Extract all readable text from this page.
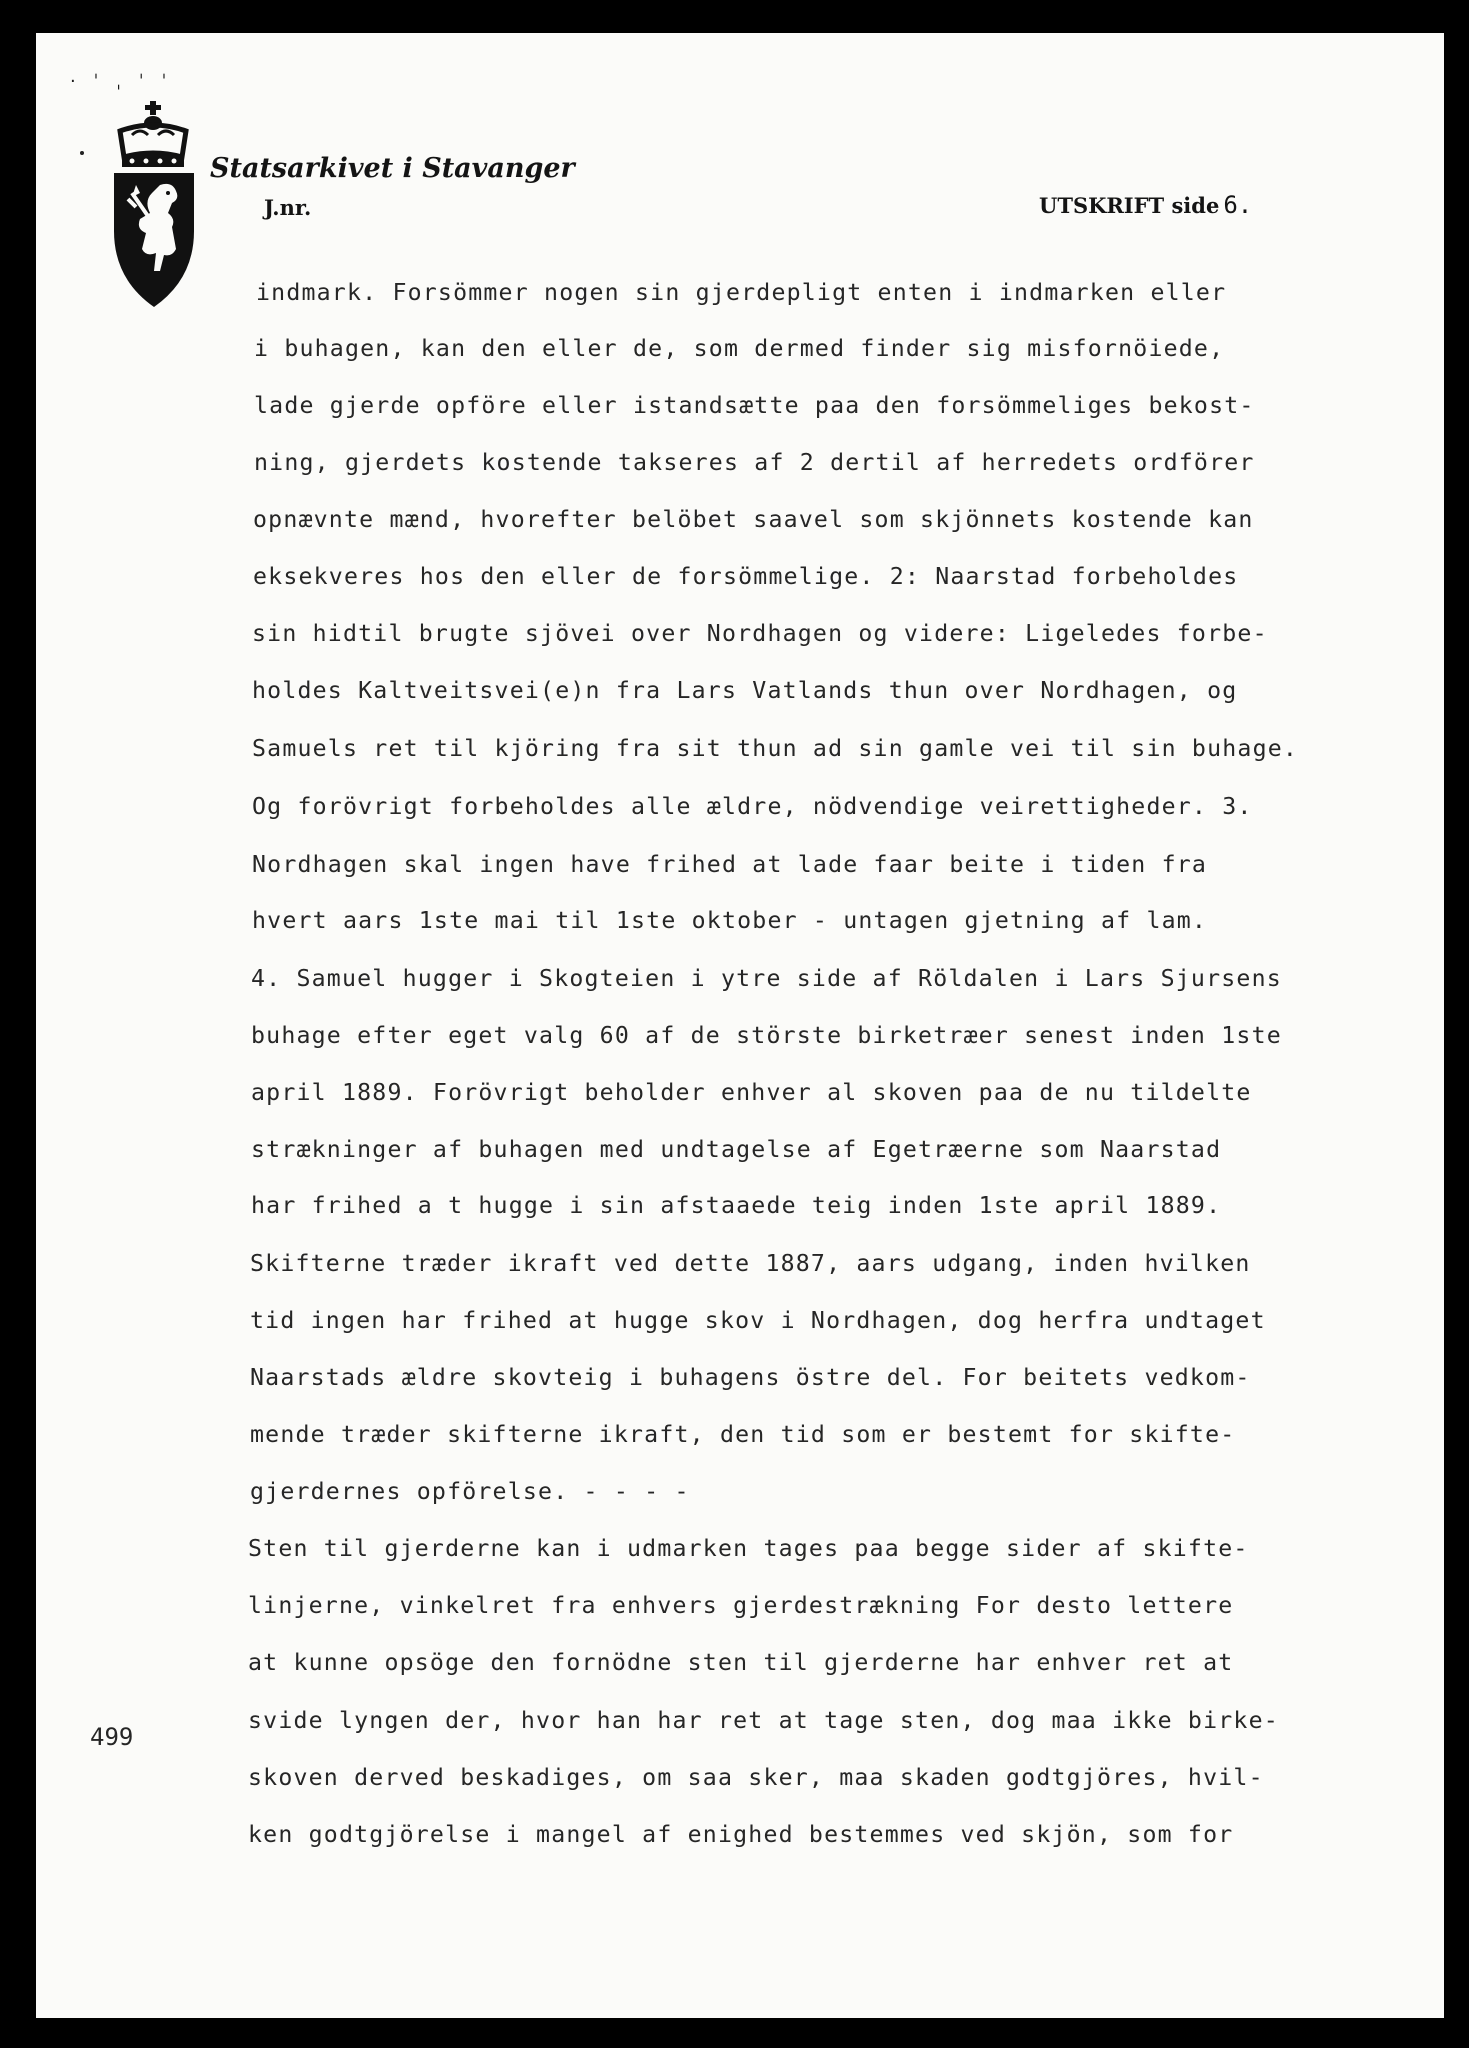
· ˈ ˌ ˈ ˈ
Statsarkivet i Stavanger
J.nr.	UTSKRIFT side 6.
499
indmark. Forsömmer nogen sin gjerdepligt enten i indmarken eller
i buhagen, kan den eller de, som dermed finder sig misfornöiede,
lade gjerde opföre eller istandsætte paa den forsömmeliges bekost-
ning, gjerdets kostende takseres af 2 dertil af herredets ordförer
opnævnte mænd, hvorefter belöbet saavel som skjönnets kostende kan
eksekveres hos den eller de forsömmelige. 2: Naarstad forbeholdes
sin hidtil brugte sjövei over Nordhagen og videre: Ligeledes forbe-
holdes Kaltveitsvei(e)n fra Lars Vatlands thun over Nordhagen, og
Samuels ret til kjöring fra sit thun ad sin gamle vei til sin buhage.
Og forövrigt forbeholdes alle ældre, nödvendige veirettigheder. 3.
Nordhagen skal ingen have frihed at lade faar beite i tiden fra
hvert aars 1ste mai til 1ste oktober - untagen gjetning af lam.
4. Samuel hugger i Skogteien i ytre side af Röldalen i Lars Sjursens
buhage efter eget valg 60 af de störste birketræer senest inden 1ste
april 1889. Forövrigt beholder enhver al skoven paa de nu tildelte
strækninger af buhagen med undtagelse af Egetræerne som Naarstad
har frihed a t hugge i sin afstaaede teig inden 1ste april 1889.
Skifterne træder ikraft ved dette 1887, aars udgang, inden hvilken
tid ingen har frihed at hugge skov i Nordhagen, dog herfra undtaget
Naarstads ældre skovteig i buhagens östre del. For beitets vedkom-
mende træder skifterne ikraft, den tid som er bestemt for skifte-
gjerdernes opförelse. - - - -
Sten til gjerderne kan i udmarken tages paa begge sider af skifte-
linjerne, vinkelret fra enhvers gjerdestrækning For desto lettere
at kunne opsöge den fornödne sten til gjerderne har enhver ret at
svide lyngen der, hvor han har ret at tage sten, dog maa ikke birke-
skoven derved beskadiges, om saa sker, maa skaden godtgjöres, hvil-
ken godtgjörelse i mangel af enighed bestemmes ved skjön, som for
